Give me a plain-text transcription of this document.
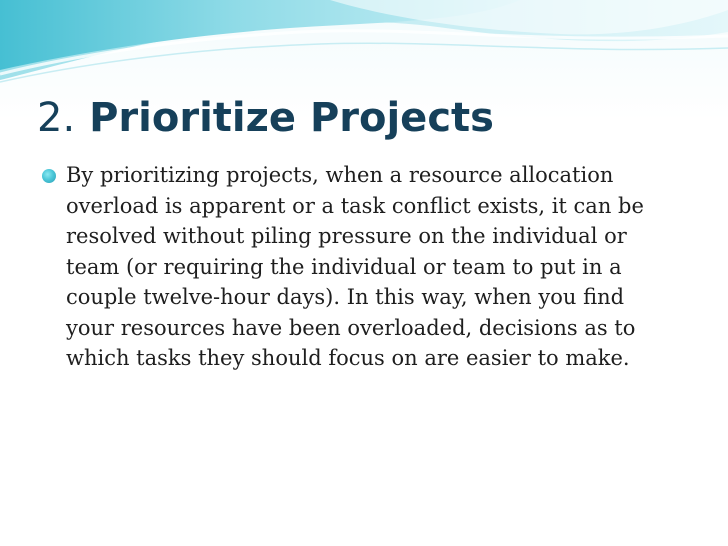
2. Prioritize Projects

By prioritizing projects, when a resource allocation
overload is apparent or a task conflict exists, it can be
resolved without piling pressure on the individual or
team (or requiring the individual or team to put in a
couple twelve-hour days). In this way, when you find
your resources have been overloaded, decisions as to
which tasks they should focus on are easier to make.
